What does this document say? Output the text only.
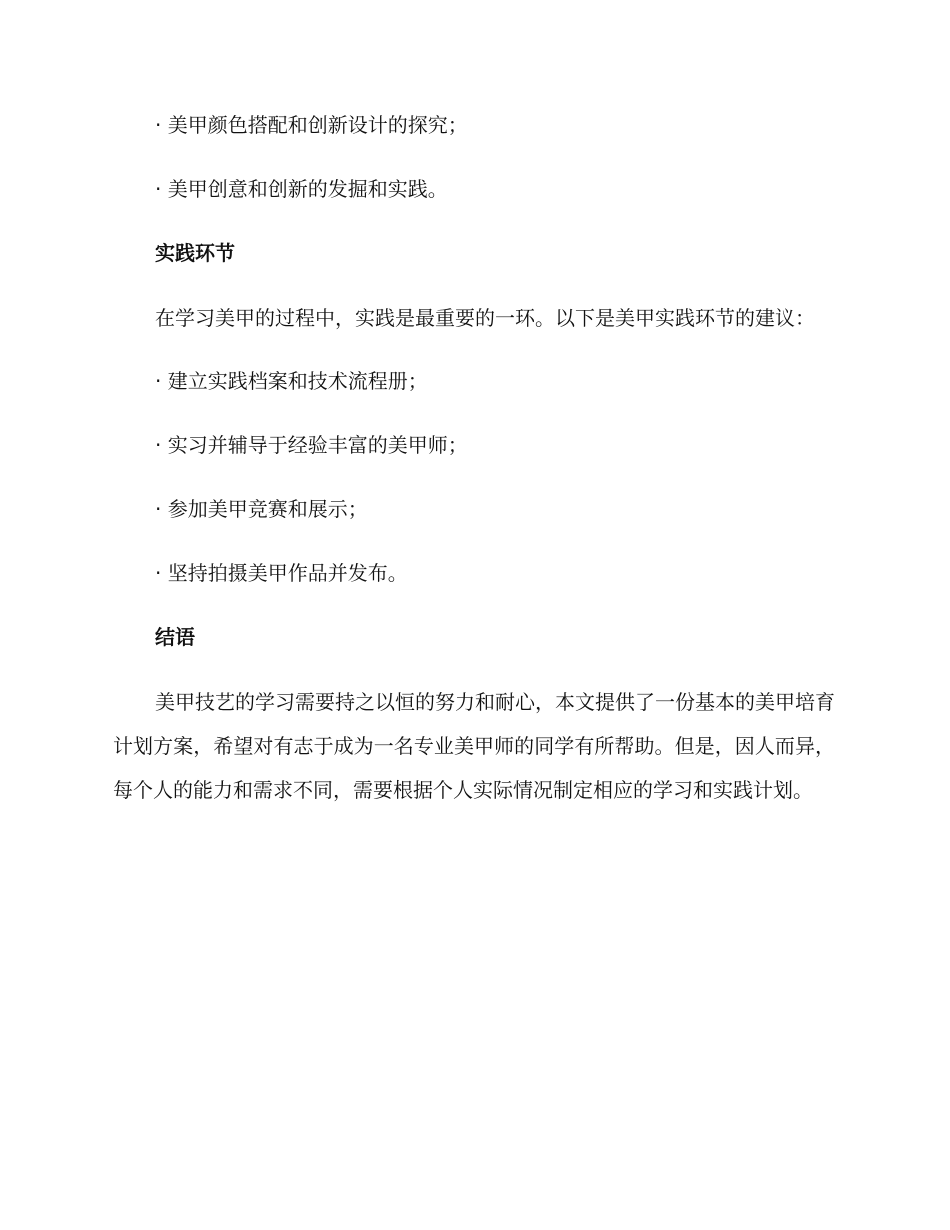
· 美甲颜色搭配和创新设计的探究；

· 美甲创意和创新的发掘和实践。

实践环节

在学习美甲的过程中，实践是最重要的一环。以下是美甲实践环节的建议：

· 建立实践档案和技术流程册；

· 实习并辅导于经验丰富的美甲师；

· 参加美甲竞赛和展示；

· 坚持拍摄美甲作品并发布。

结语

美甲技艺的学习需要持之以恒的努力和耐心，本文提供了一份基本的美甲培育计划方案，希望对有志于成为一名专业美甲师的同学有所帮助。但是，因人而异，每个人的能力和需求不同，需要根据个人实际情况制定相应的学习和实践计划。
